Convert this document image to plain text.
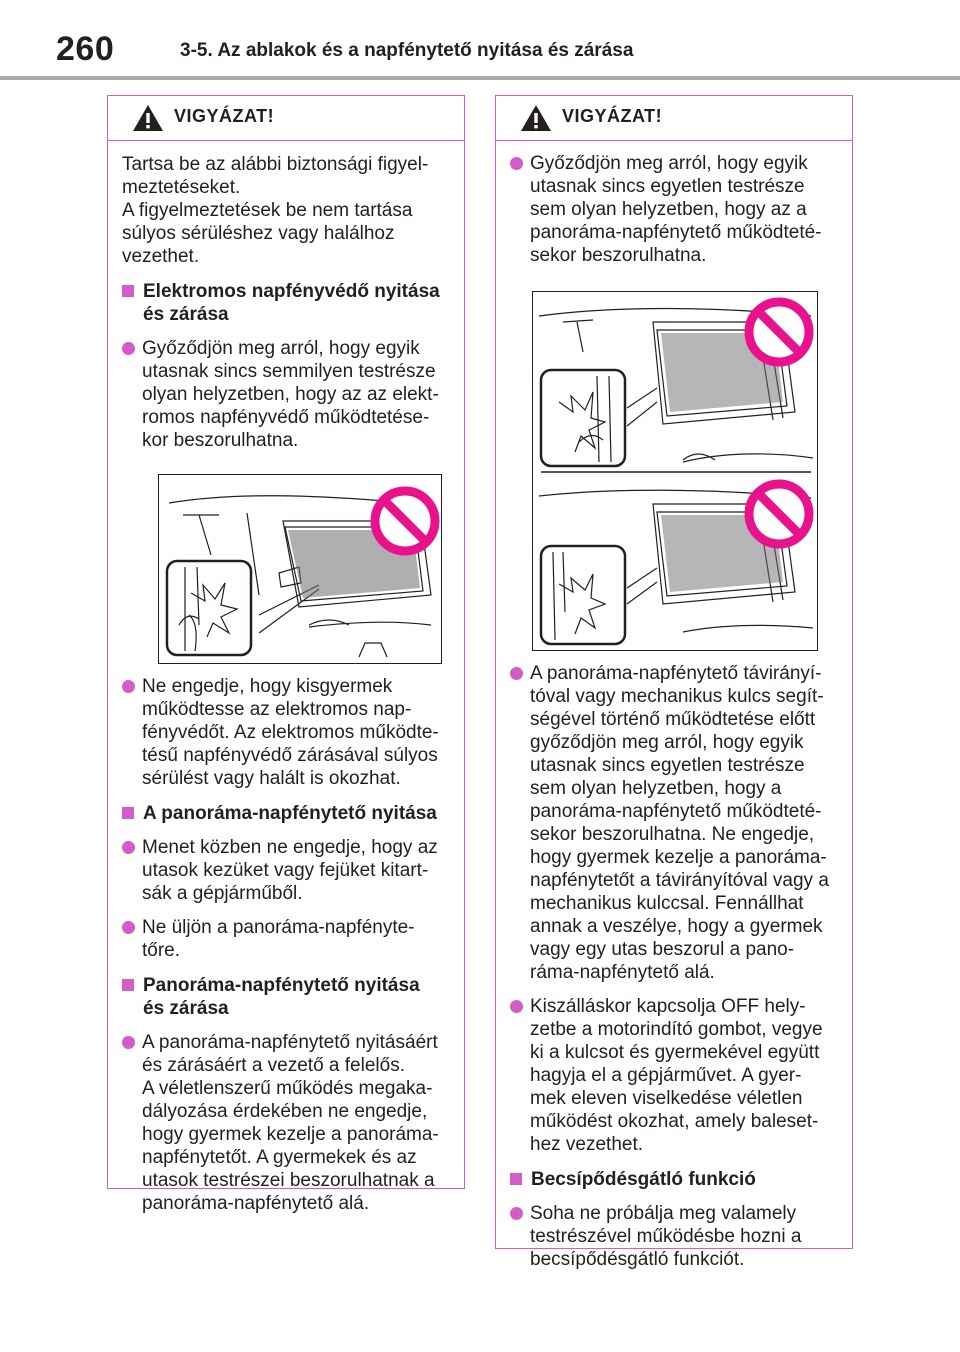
260	3-5. Az ablakok és a napfénytető nyitása és zárása
VIGYÁZAT!
Tartsa be az alábbi biztonsági figyel-
meztetéseket.
A figyelmeztetések be nem tartása
súlyos sérüléshez vagy halálhoz
vezethet.
Elektromos napfényvédő nyitása
és zárása
Győződjön meg arról, hogy egyik
utasnak sincs semmilyen testrésze
olyan helyzetben, hogy az az elekt-
romos napfényvédő működtetése-
kor beszorulhatna.
Ne engedje, hogy kisgyermek
működtesse az elektromos nap-
fényvédőt. Az elektromos működte-
tésű napfényvédő zárásával súlyos
sérülést vagy halált is okozhat.
A panoráma-napfénytető nyitása
Menet közben ne engedje, hogy az
utasok kezüket vagy fejüket kitart-
sák a gépjárműből.
Ne üljön a panoráma-napfényte-
tőre.
Panoráma-napfénytető nyitása
és zárása
A panoráma-napfénytető nyitásáért
és zárásáért a vezető a felelős.
A véletlenszerű működés megaka-
dályozása érdekében ne engedje,
hogy gyermek kezelje a panoráma-
napfénytetőt. A gyermekek és az
utasok testrészei beszorulhatnak a
panoráma-napfénytető alá.
VIGYÁZAT!
Győződjön meg arról, hogy egyik
utasnak sincs egyetlen testrésze
sem olyan helyzetben, hogy az a
panoráma-napfénytető működteté-
sekor beszorulhatna.
A panoráma-napfénytető távirányí-
tóval vagy mechanikus kulcs segít-
ségével történő működtetése előtt
győződjön meg arról, hogy egyik
utasnak sincs egyetlen testrésze
sem olyan helyzetben, hogy a
panoráma-napfénytető működteté-
sekor beszorulhatna. Ne engedje,
hogy gyermek kezelje a panoráma-
napfénytetőt a távirányítóval vagy a
mechanikus kulccsal. Fennállhat
annak a veszélye, hogy a gyermek
vagy egy utas beszorul a pano-
ráma-napfénytető alá.
Kiszálláskor kapcsolja OFF hely-
zetbe a motorindító gombot, vegye
ki a kulcsot és gyermekével együtt
hagyja el a gépjárművet. A gyer-
mek eleven viselkedése véletlen
működést okozhat, amely baleset-
hez vezethet.
Becsípődésgátló funkció
Soha ne próbálja meg valamely
testrészével működésbe hozni a
becsípődésgátló funkciót.
